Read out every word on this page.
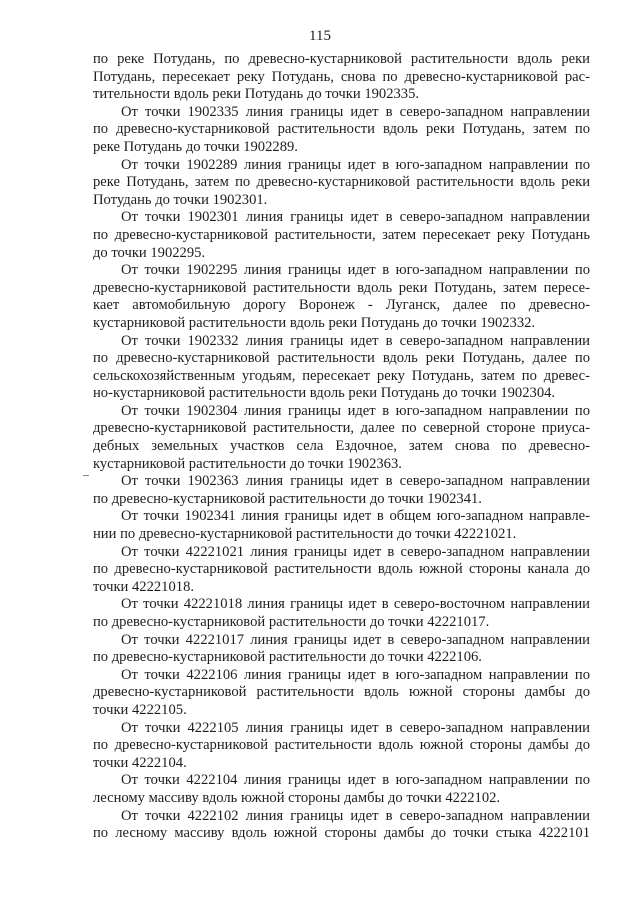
115
по реке Потудань, по древесно-кустарниковой растительности вдоль реки
Потудань, пересекает реку Потудань, снова по древесно-кустарниковой рас-
тительности вдоль реки Потудань до точки 1902335.
От точки 1902335 линия границы идет в северо-западном направлении
по древесно-кустарниковой растительности вдоль реки Потудань, затем по
реке Потудань до точки 1902289.
От точки 1902289 линия границы идет в юго-западном направлении по
реке Потудань, затем по древесно-кустарниковой растительности вдоль реки
Потудань до точки 1902301.
От точки 1902301 линия границы идет в северо-западном направлении
по древесно-кустарниковой растительности, затем пересекает реку Потудань
до точки 1902295.
От точки 1902295 линия границы идет в юго-западном направлении по
древесно-кустарниковой растительности вдоль реки Потудань, затем пересе-
кает автомобильную дорогу Воронеж - Луганск, далее по древесно-
кустарниковой растительности вдоль реки Потудань до точки 1902332.
От точки 1902332 линия границы идет в северо-западном направлении
по древесно-кустарниковой растительности вдоль реки Потудань, далее по
сельскохозяйственным угодьям, пересекает реку Потудань, затем по древес-
но-кустарниковой растительности вдоль реки Потудань до точки 1902304.
От точки 1902304 линия границы идет в юго-западном направлении по
древесно-кустарниковой растительности, далее по северной стороне приуса-
дебных земельных участков села Ездочное, затем снова по древесно-
кустарниковой растительности до точки 1902363.
От точки 1902363 линия границы идет в северо-западном направлении
по древесно-кустарниковой растительности до точки 1902341.
От точки 1902341 линия границы идет в общем юго-западном направле-
нии по древесно-кустарниковой растительности до точки 42221021.
От точки 42221021 линия границы идет в северо-западном направлении
по древесно-кустарниковой растительности вдоль южной стороны канала до
точки 42221018.
От точки 42221018 линия границы идет в северо-восточном направлении
по древесно-кустарниковой растительности до точки 42221017.
От точки 42221017 линия границы идет в северо-западном направлении
по древесно-кустарниковой растительности до точки 4222106.
От точки 4222106 линия границы идет в юго-западном направлении по
древесно-кустарниковой растительности вдоль южной стороны дамбы до
точки 4222105.
От точки 4222105 линия границы идет в северо-западном направлении
по древесно-кустарниковой растительности вдоль южной стороны дамбы до
точки 4222104.
От точки 4222104 линия границы идет в юго-западном направлении по
лесному массиву вдоль южной стороны дамбы до точки 4222102.
От точки 4222102 линия границы идет в северо-западном направлении
по лесному массиву вдоль южной стороны дамбы до точки стыка 4222101
